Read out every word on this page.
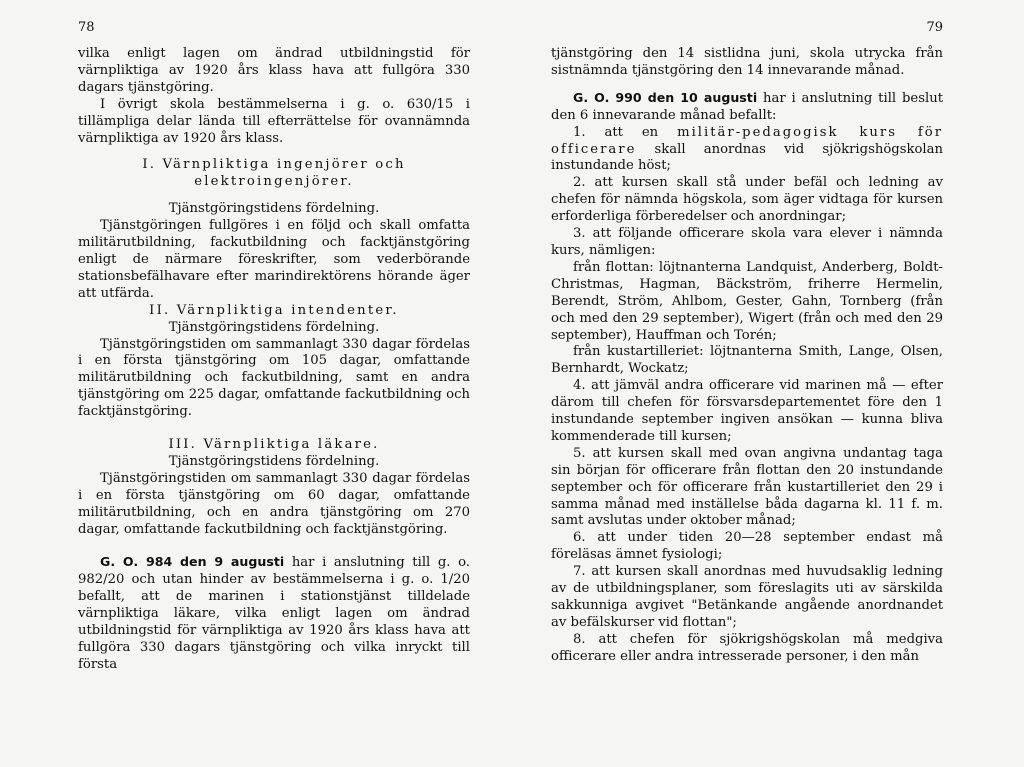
78

vilka enligt lagen om ändrad utbildningstid för värnpliktiga av 1920 års klass hava att fullgöra 330 dagars tjänstgöring.

I övrigt skola bestämmelserna i g. o. 630/15 i tillämpliga delar lända till efterrättelse för ovannämnda värnpliktiga av 1920 års klass.

I. Värnpliktiga ingenjörer och elektroingenjörer.

Tjänstgöringstidens fördelning.

Tjänstgöringen fullgöres i en följd och skall omfatta militärutbildning, fackutbildning och facktjänstgöring enligt de närmare föreskrifter, som vederbörande stationsbefälhavare efter marindirektörens hörande äger att utfärda.

II. Värnpliktiga intendenter.

Tjänstgöringstidens fördelning.

Tjänstgöringstiden om sammanlagt 330 dagar fördelas i en första tjänstgöring om 105 dagar, omfattande militärutbildning och fackutbildning, samt en andra tjänstgöring om 225 dagar, omfattande fackutbildning och facktjänstgöring.

III. Värnpliktiga läkare.

Tjänstgöringstidens fördelning.

Tjänstgöringstiden om sammanlagt 330 dagar fördelas i en första tjänstgöring om 60 dagar, omfattande militärutbildning, och en andra tjänstgöring om 270 dagar, omfattande fackutbildning och facktjänstgöring.

G. O. 984 den 9 augusti har i anslutning till g. o. 982/20 och utan hinder av bestämmelserna i g. o. 1/20 befallt, att de marinen i stationstjänst tilldelade värnpliktiga läkare, vilka enligt lagen om ändrad utbildningstid för värnpliktiga av 1920 års klass hava att fullgöra 330 dagars tjänstgöring och vilka inryckt till första

79

tjänstgöring den 14 sistlidna juni, skola utrycka från sistnämnda tjänstgöring den 14 innevarande månad.

G. O. 990 den 10 augusti har i anslutning till beslut den 6 innevarande månad befallt:

1. att en militär-pedagogisk kurs för officerare skall anordnas vid sjökrigshögskolan instundande höst;

2. att kursen skall stå under befäl och ledning av chefen för nämnda högskola, som äger vidtaga för kursen erforderliga förberedelser och anordningar;

3. att följande officerare skola vara elever i nämnda kurs, nämligen:

från flottan: löjtnanterna Landquist, Anderberg, Boldt-Christmas, Hagman, Bäckström, friherre Hermelin, Berendt, Ström, Ahlbom, Gester, Gahn, Tornberg (från och med den 29 september), Wigert (från och med den 29 september), Hauffman och Torén;

från kustartilleriet: löjtnanterna Smith, Lange, Olsen, Bernhardt, Wockatz;

4. att jämväl andra officerare vid marinen må — efter därom till chefen för försvarsdepartementet före den 1 instundande september ingiven ansökan — kunna bliva kommenderade till kursen;

5. att kursen skall med ovan angivna undantag taga sin början för officerare från flottan den 20 instundande september och för officerare från kustartilleriet den 29 i samma månad med inställelse båda dagarna kl. 11 f. m. samt avslutas under oktober månad;

6. att under tiden 20—28 september endast må föreläsas ämnet fysiologi;

7. att kursen skall anordnas med huvudsaklig ledning av de utbildningsplaner, som föreslagits uti av särskilda sakkunniga avgivet "Betänkande angående anordnandet av befälskurser vid flottan";

8. att chefen för sjökrigshögskolan må medgiva officerare eller andra intresserade personer, i den mån
